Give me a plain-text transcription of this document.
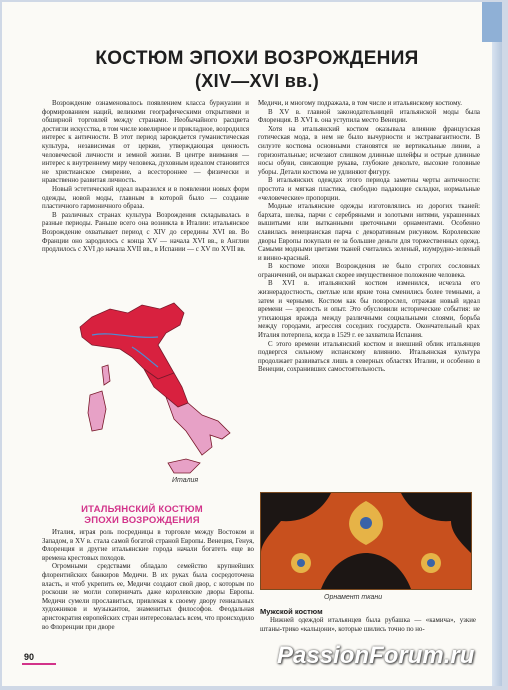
КОСТЮМ ЭПОХИ ВОЗРОЖДЕНИЯ
(XIV—XVI вв.)

Возрождение ознаменовалось появлением класса буржуазии и формированием наций, великими географическими открытиями и обширной торговлей между странами. Необычайного расцвета достигли искусства, в том числе ювелирное и прикладное, возродился интерес к античности. В этот период зарождается гуманистическая культура, независимая от церкви, утверждающая ценность человеческой личности и земной жизни. В центре внимания — интерес к внутреннему миру человека, духовным идеалом становится не христианское смирение, а всестороннее — физически и нравственно развитая личность.

Новый эстетический идеал выразился и в появлении новых форм одежды, новой моды, главным в которой было — создание пластичного гармоничного образа.

В различных странах культура Возрождения складывалась в разные периоды. Раньше всего она возникла в Италии: итальянское Возрождение охватывает период с XIV до середины XVI вв. Во Франции оно зародилось с конца XV — начала XVI вв., в Англии продлилось с XVI до начала XVII вв., в Испании — с XV по XVII вв.

Медичи, и многому подражала, в том числе и итальянскому костюму.

В XV в. главной законодательницей итальянской моды была Флоренция. В XVI в. она уступила место Венеции.

Хотя на итальянский костюм оказывала влияние французская готическая мода, в нем не было вычурности и экстравагантности. В силуэте костюма основными становятся не вертикальные линии, а горизонтальные; исчезают слишком длинные шлейфы и острые длинные носы обуви, свисающие рукава, глубокие декольте, высокие головные уборы. Детали костюма не удлиняют фигуру.

В итальянских одеждах этого периода заметны черты античности: простота и мягкая пластика, свободно падающие складки, нормальные «человеческие» пропорции.

Модные итальянские одежды изготовлялись из дорогих тканей: бархата, шелка, парчи с серебряными и золотыми нитями, украшенных вышитыми или вытканными цветочными орнаментами. Особенно славилась венецианская парча с декоративным рисунком. Королевские дворы Европы покупали ее за большие деньги для торжественных одежд. Самыми модными цветами тканей считались зеленый, изумрудно-зеленый и винно-красный.

В костюме эпохи Возрождения не было строгих сословных ограничений, он выражал скорее имущественное положение человека.

В XVI в. итальянский костюм изменился, исчезла его жизнерадостность, светлые или яркие тона сменились более темными, а затем и черными. Костюм как бы повзрослел, отражая новый идеал времени — зрелость и опыт. Это обусловили исторические события: не утихающая вражда между различными социальными слоями, борьба между городами, агрессия соседних государств. Окончательный крах Италия потерпела, когда в 1529 г. ее захватила Испания.

С этого времени итальянский костюм и внешний облик итальянцев подвергся сильному испанскому влиянию. Итальянская культура продолжает развиваться лишь в северных областях Италии, и особенно в Венеции, сохранивших самостоятельность.

Италия
ИТАЛЬЯНСКИЙ КОСТЮМ
ЭПОХИ ВОЗРОЖДЕНИЯ

Италия, играя роль посредницы в торговле между Востоком и Западом, в XV в. стала самой богатой страной Европы. Венеция, Генуя, Флоренция и другие итальянские города начали богатеть еще во времена крестовых походов.

Огромными средствами обладало семейство крупнейших флорентийских банкиров Медичи. В их руках была сосредоточена власть, и чтоб укрепить ее, Медичи создают свой двор, с которым по роскоши не могли соперничать даже королевские дворы Европы. Медичи сумели прославиться, привлекая к своему двору гениальных художников и музыкантов, знаменитых философов. Феодальная аристократия европейских стран интересовалась всем, что происходило во Флоренции при дворе

Орнамент ткани
Мужской костюм

Нижней одеждой итальянцев была рубашка — «камича», узкие штаны-трико «кальцони», которые шились точно по но-

90	PassionForum.ru
